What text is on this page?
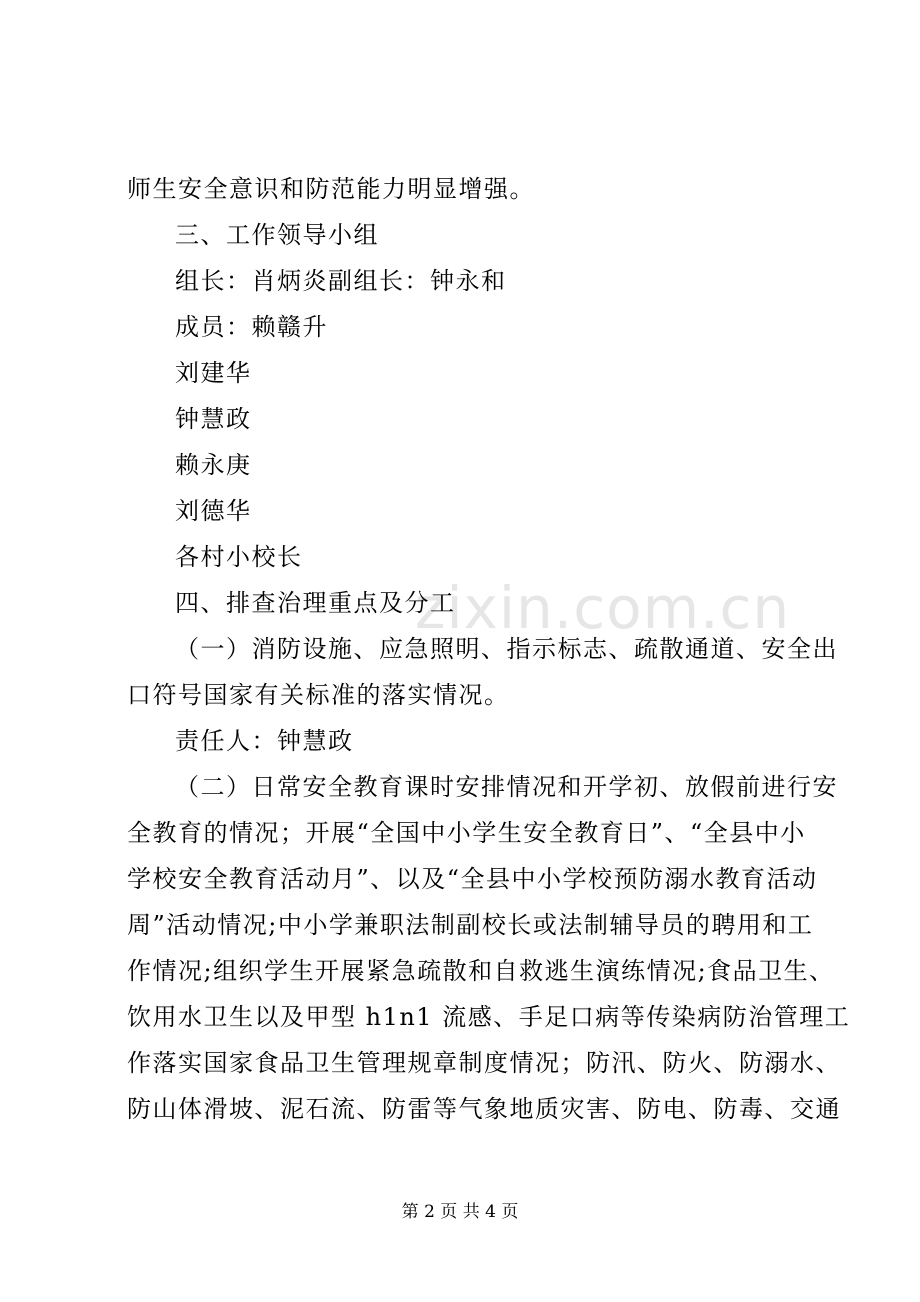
zixin.com.cn
师生安全意识和防范能力明显增强。
三、工作领导小组
组长：肖炳炎副组长：钟永和
成员：赖赣升
刘建华
钟慧政
赖永庚
刘德华
各村小校长
四、排查治理重点及分工
（一）消防设施、应急照明、指示标志、疏散通道、安全出
口符号国家有关标准的落实情况。
责任人：钟慧政
（二）日常安全教育课时安排情况和开学初、放假前进行安
全教育的情况；开展“全国中小学生安全教育日”、“全县中小
学校安全教育活动月”、以及“全县中小学校预防溺水教育活动
周”活动情况;中小学兼职法制副校长或法制辅导员的聘用和工
作情况;组织学生开展紧急疏散和自救逃生演练情况;食品卫生、
饮用水卫生以及甲型 h1n1 流感、手足口病等传染病防治管理工
作落实国家食品卫生管理规章制度情况；防汛、防火、防溺水、
防山体滑坡、泥石流、防雷等气象地质灾害、防电、防毒、交通
第 2 页 共 4 页
